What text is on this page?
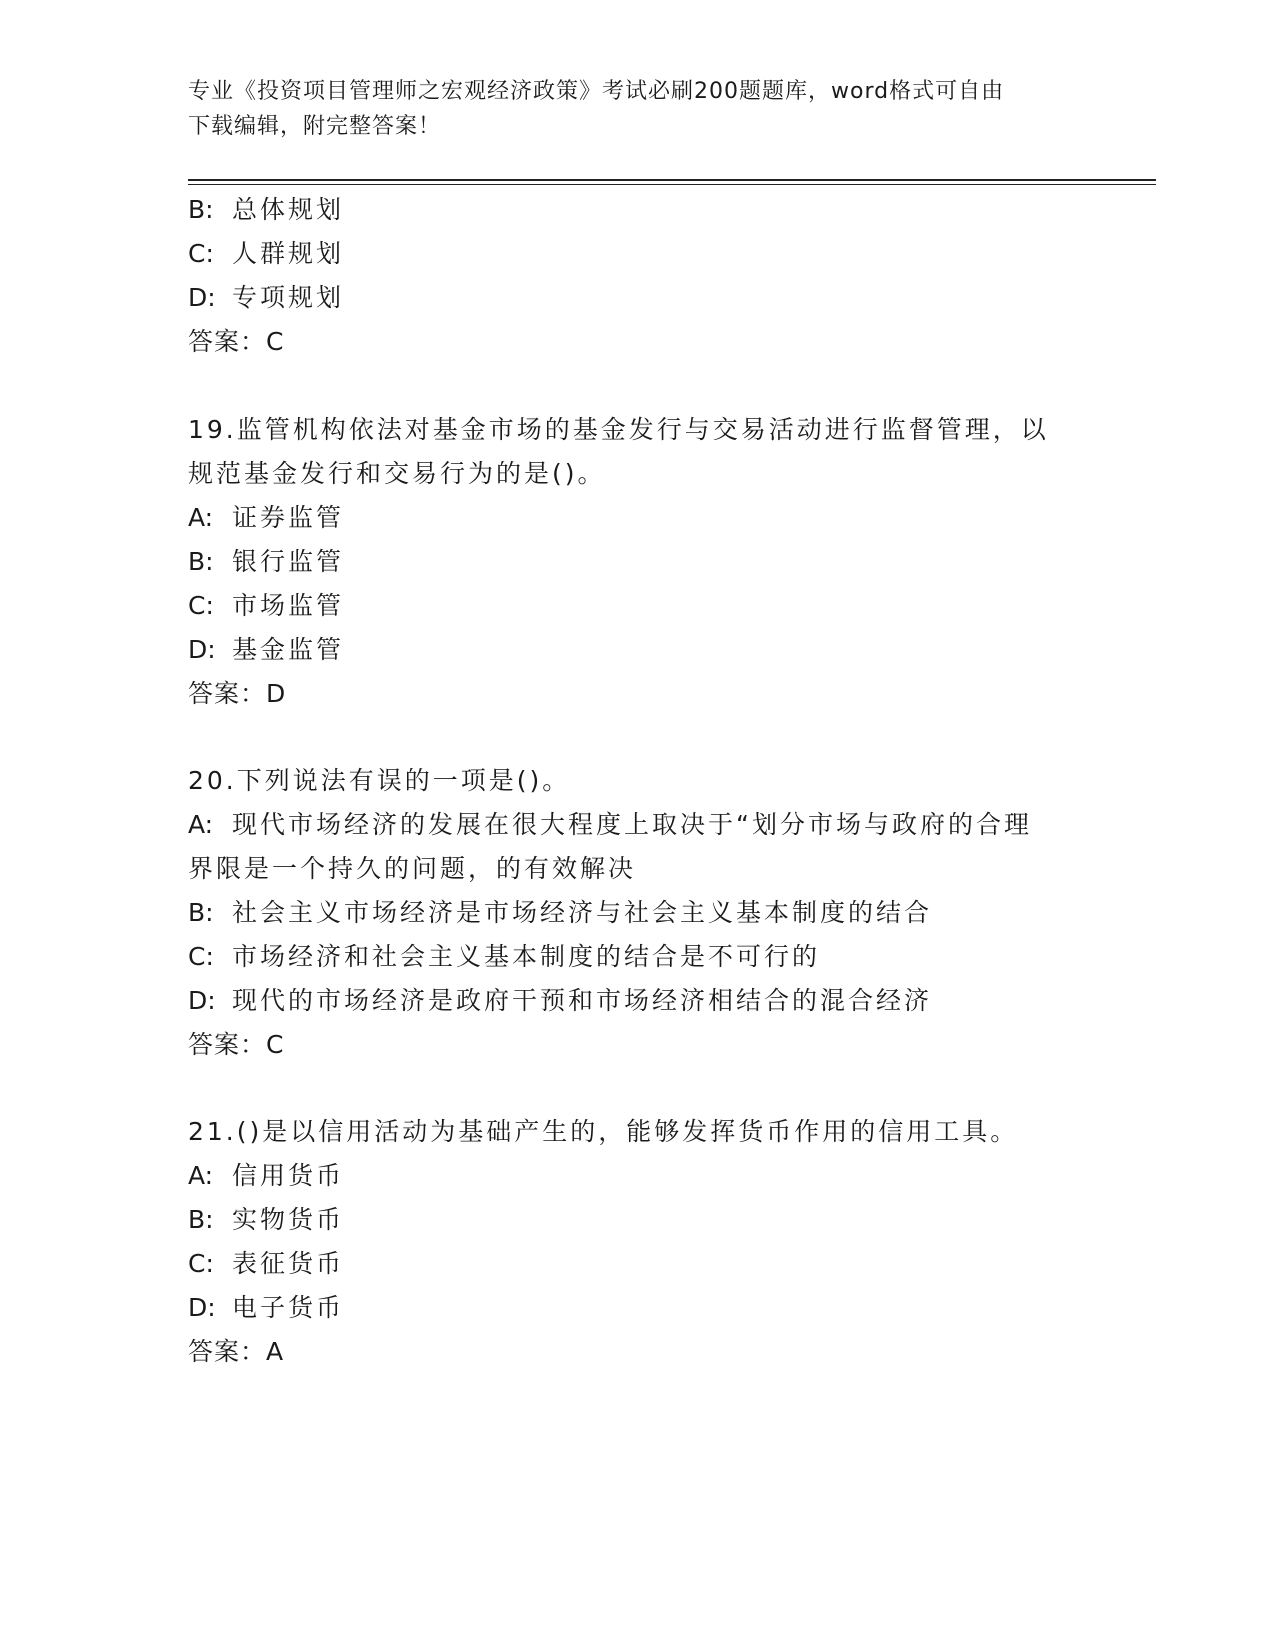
专业《投资项目管理师之宏观经济政策》考试必刷200题题库，word格式可自由
下载编辑，附完整答案！
B: 总体规划
C: 人群规划
D: 专项规划
答案：C
19.监管机构依法对基金市场的基金发行与交易活动进行监督管理，以
规范基金发行和交易行为的是()。
A: 证券监管
B: 银行监管
C: 市场监管
D: 基金监管
答案：D
20.下列说法有误的一项是()。
A: 现代市场经济的发展在很大程度上取决于“划分市场与政府的合理
界限是一个持久的问题，的有效解决
B: 社会主义市场经济是市场经济与社会主义基本制度的结合
C: 市场经济和社会主义基本制度的结合是不可行的
D: 现代的市场经济是政府干预和市场经济相结合的混合经济
答案：C
21.()是以信用活动为基础产生的，能够发挥货币作用的信用工具。
A: 信用货币
B: 实物货币
C: 表征货币
D: 电子货币
答案：A
